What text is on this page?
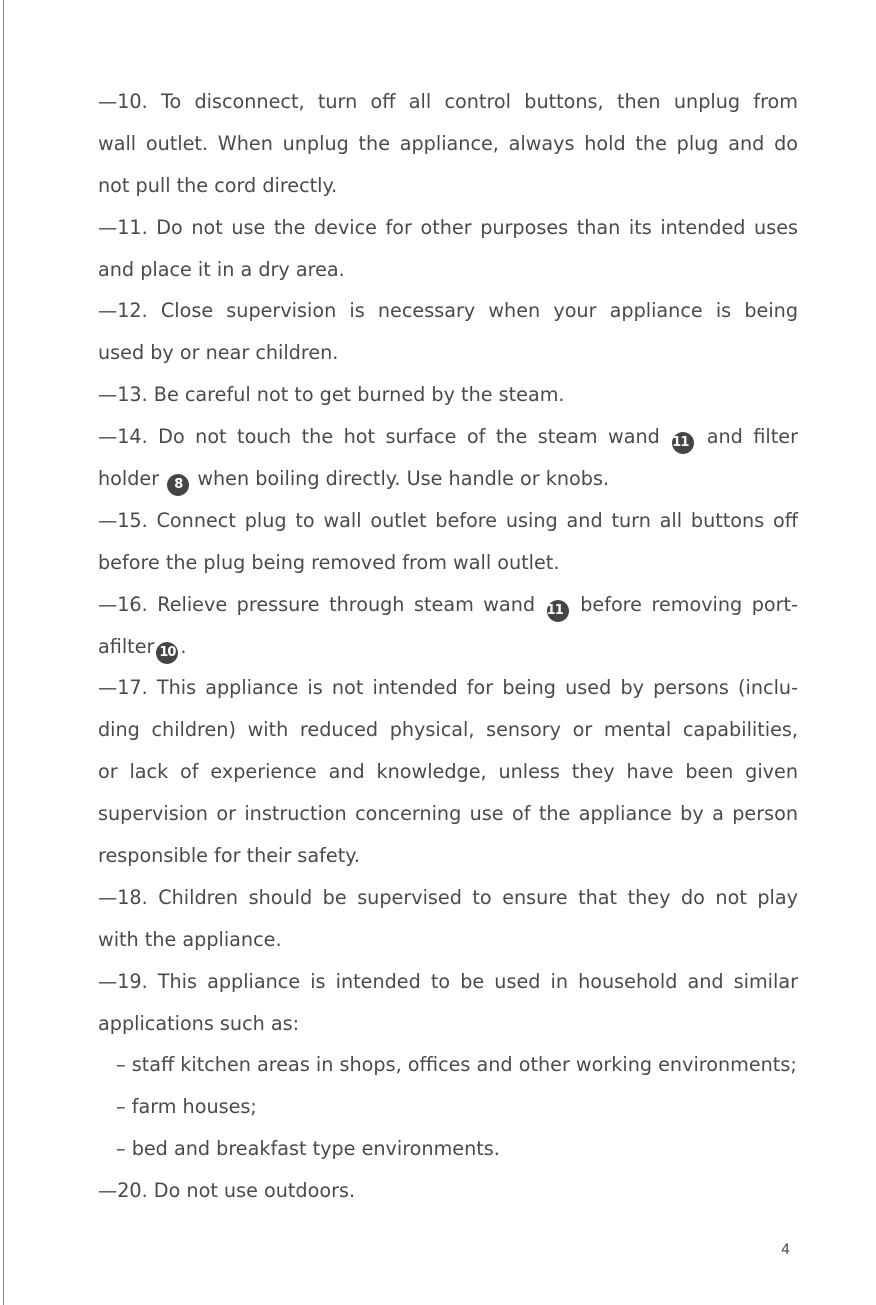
—10. To disconnect, turn off all control buttons, then unplug from
wall outlet. When unplug the appliance, always hold the plug and do
not pull the cord directly.
—11. Do not use the device for other purposes than its intended uses
and place it in a dry area.
—12. Close supervision is necessary when your appliance is being
used by or near children.
—13. Be careful not to get burned by the steam.
—14. Do not touch the hot surface of the steam wand 11 and filter
holder 8 when boiling directly. Use handle or knobs.
—15. Connect plug to wall outlet before using and turn all buttons off
before the plug being removed from wall outlet.
—16. Relieve pressure through steam wand 11 before removing port-
afilter 10 .
—17. This appliance is not intended for being used by persons (inclu-
ding children) with reduced physical, sensory or mental capabilities,
or lack of experience and knowledge, unless they have been given
supervision or instruction concerning use of the appliance by a person
responsible for their safety.
—18. Children should be supervised to ensure that they do not play
with the appliance.
—19. This appliance is intended to be used in household and similar
applications such as:
– staff kitchen areas in shops, offices and other working environments;
– farm houses;
– bed and breakfast type environments.
—20. Do not use outdoors.
4
